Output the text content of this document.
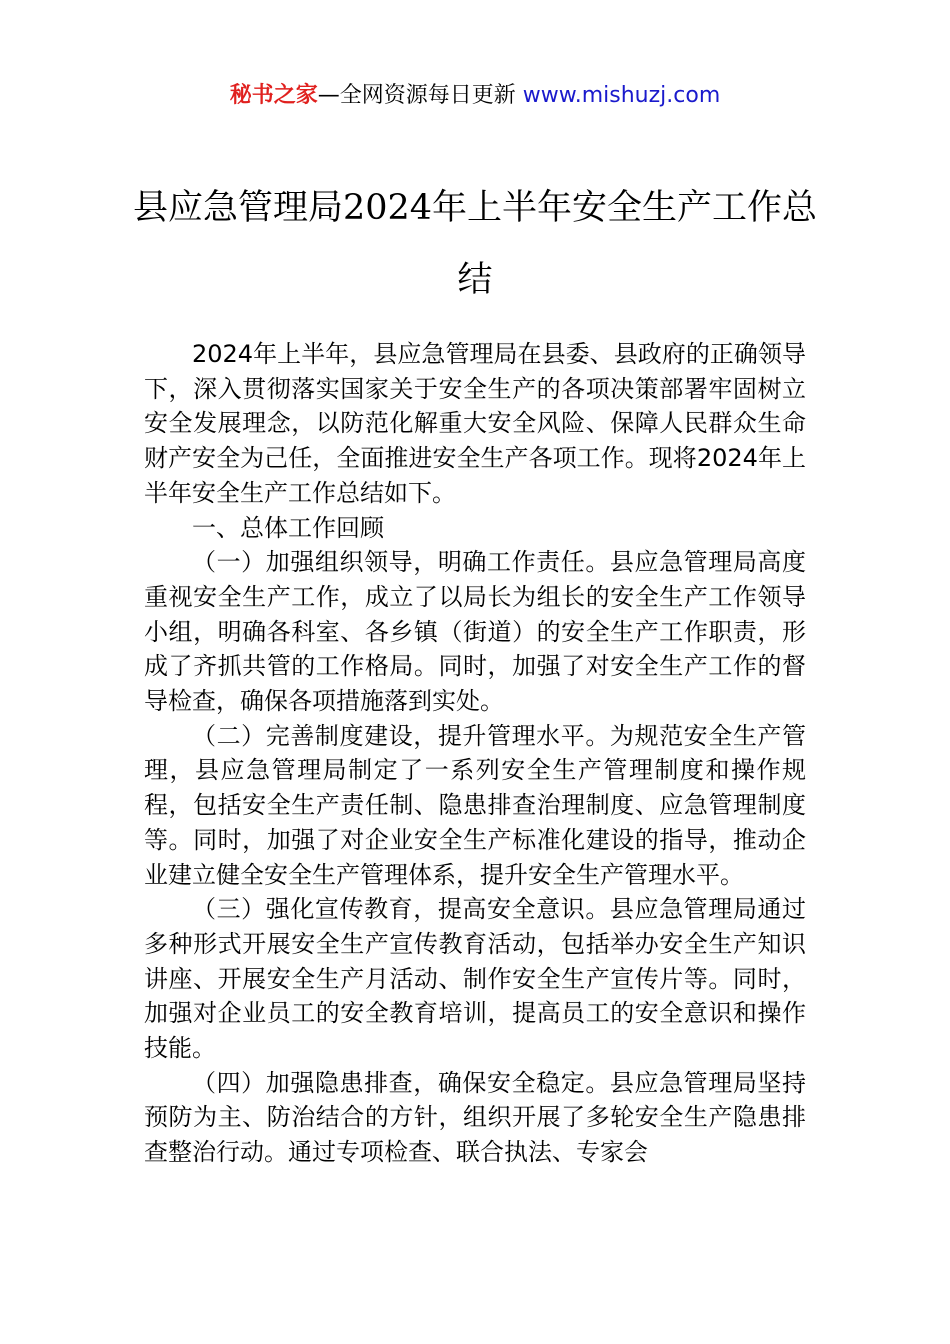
秘书之家—全网资源每日更新 www.mishuzj.com
县应急管理局2024年上半年安全生产工作总结

2024年上半年，县应急管理局在县委、县政府的正确领导下，深入贯彻落实国家关于安全生产的各项决策部署牢固树立安全发展理念，以防范化解重大安全风险、保障人民群众生命财产安全为己任，全面推进安全生产各项工作。现将2024年上半年安全生产工作总结如下。

一、总体工作回顾

（一）加强组织领导，明确工作责任。县应急管理局高度重视安全生产工作，成立了以局长为组长的安全生产工作领导小组，明确各科室、各乡镇（街道）的安全生产工作职责，形成了齐抓共管的工作格局。同时，加强了对安全生产工作的督导检查，确保各项措施落到实处。

（二）完善制度建设，提升管理水平。为规范安全生产管理，县应急管理局制定了一系列安全生产管理制度和操作规程，包括安全生产责任制、隐患排查治理制度、应急管理制度等。同时，加强了对企业安全生产标准化建设的指导，推动企业建立健全安全生产管理体系，提升安全生产管理水平。

（三）强化宣传教育，提高安全意识。县应急管理局通过多种形式开展安全生产宣传教育活动，包括举办安全生产知识讲座、开展安全生产月活动、制作安全生产宣传片等。同时，加强对企业员工的安全教育培训，提高员工的安全意识和操作技能。

（四）加强隐患排查，确保安全稳定。县应急管理局坚持预防为主、防治结合的方针，组织开展了多轮安全生产隐患排查整治行动。通过专项检查、联合执法、专家会
